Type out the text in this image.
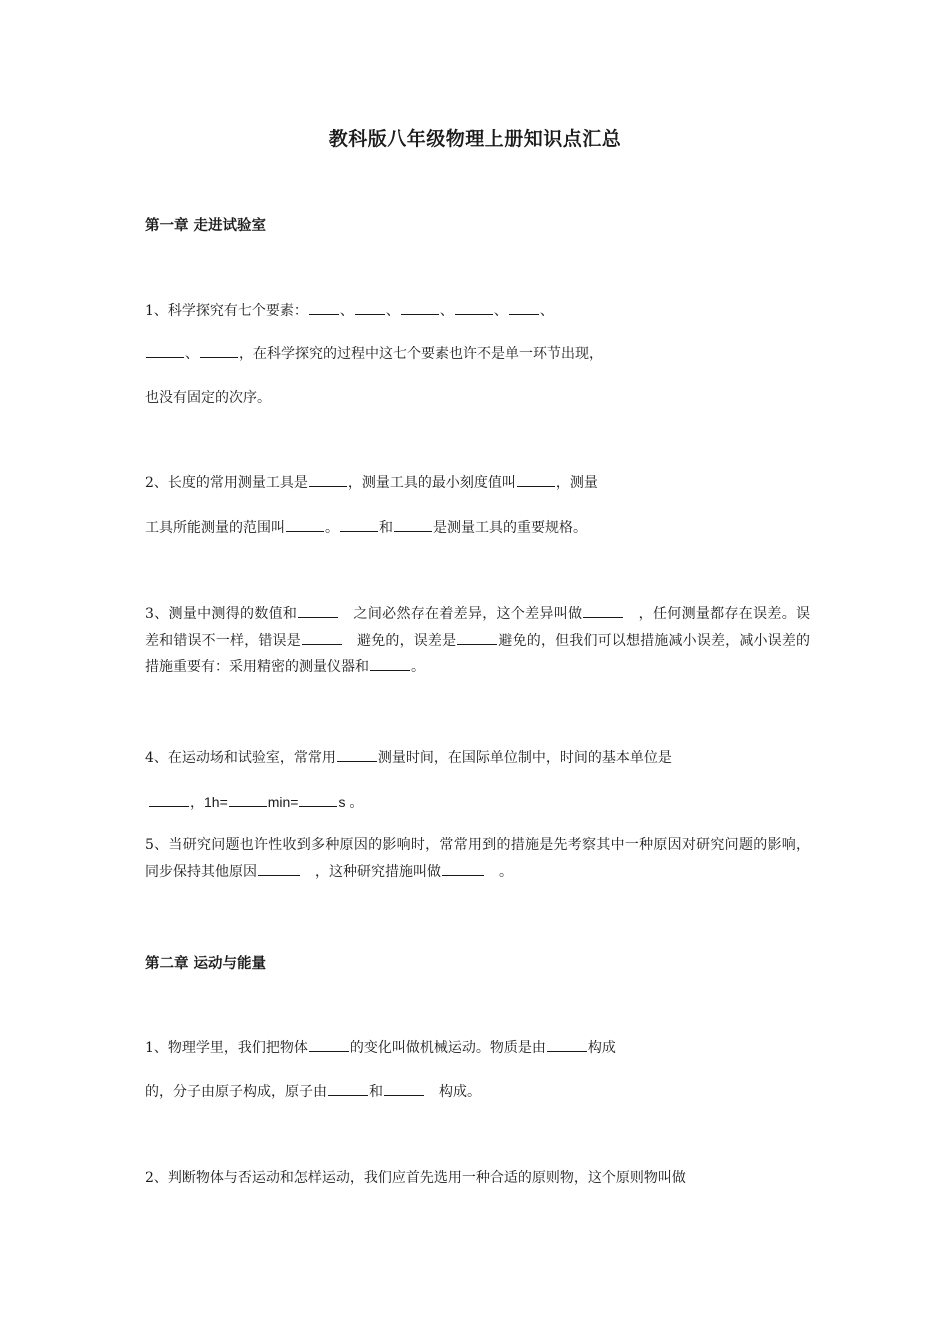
教科版八年级物理上册知识点汇总
第一章 走进试验室
1、科学探究有七个要素： 、 、	、	、 、
、	，在科学探究的过程中这七个要素也许不是单一环节出现，
也没有固定的次序。
2、长度的常用测量工具是	，测量工具的最小刻度值叫	，测量
工具所能测量的范围叫	。	和	是测量工具的重要规格。
3、测量中测得的数值和	之间必然存在着差异，这个差异叫做	，任何测量都存在误差。误差和错误不一样，错误是	避免的，误差是	避免的，但我们可以想措施减小误差，减小误差的措施重要有：采用精密的测量仪器和	。
4、在运动场和试验室，常常用	测量时间，在国际单位制中，时间的基本单位是
，1h=	min=	s 。
5、当研究问题也许性收到多种原因的影响时，常常用到的措施是先考察其中一种原因对研究问题的影响，同步保持其他原因	，这种研究措施叫做	。
第二章 运动与能量
1、物理学里，我们把物体	的变化叫做机械运动。物质是由	构成
的，分子由原子构成，原子由	和	构成。
2、判断物体与否运动和怎样运动，我们应首先选用一种合适的原则物，这个原则物叫做
